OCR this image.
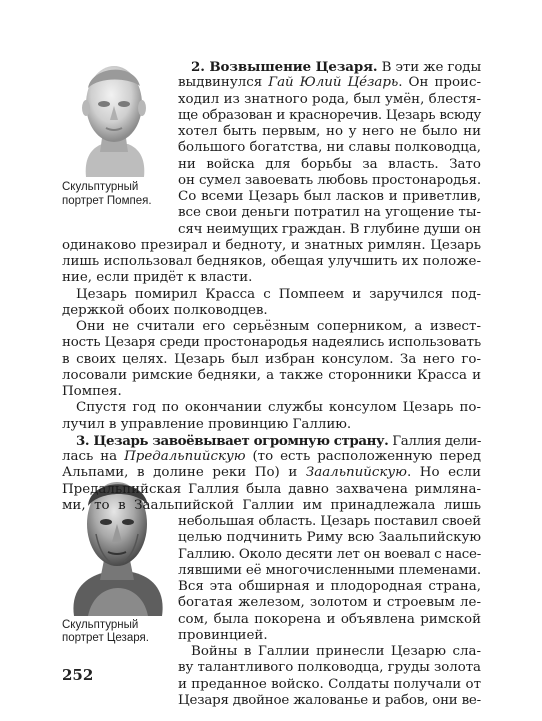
Скульптурный

портрет Помпея.

Скульптурный

портрет Цезаря.

2. Возвышение Цезаря. В эти же годы

выдвинулся Гай Юлий Це́зарь. Он проис-

ходил из знатного рода, был умён, блестя-

ще образован и красноречив. Цезарь всюду

хотел быть первым, но у него не было ни

большого богатства, ни славы полководца,

ни войска для борьбы за власть. Зато

он сумел завоевать любовь простонародья.

Со всеми Цезарь был ласков и приветлив,

все свои деньги потратил на угощение ты-

сяч неимущих граждан. В глубине души он

одинаково презирал и бедноту, и знатных римлян. Цезарь

лишь использовал бедняков, обещая улучшить их положе-

ние, если придёт к власти.

Цезарь помирил Красса с Помпеем и заручился под-

держкой обоих полководцев.

Они не считали его серьёзным соперником, а извест-

ность Цезаря среди простонародья надеялись использовать

в своих целях. Цезарь был избран консулом. За него го-

лосовали римские бедняки, а также сторонники Красса и

Помпея.

Спустя год по окончании службы консулом Цезарь по-

лучил в управление провинцию Галлию.

3. Цезарь завоёвывает огромную страну. Галлия дели-

лась на Предальпийскую (то есть расположенную перед

Альпами, в долине реки По) и Заальпийскую. Но если

Предальпийская Галлия была давно захвачена римляна-

ми, то в Заальпийской Галлии им принадлежала лишь

небольшая область. Цезарь поставил своей

целью подчинить Риму всю Заальпийскую

Галлию. Около десяти лет он воевал с насе-

лявшими её многочисленными племенами.

Вся эта обширная и плодородная страна,

богатая железом, золотом и строевым ле-

сом, была покорена и объявлена римской

провинцией.

Войны в Галлии принесли Цезарю сла-

ву талантливого полководца, груды золота

и преданное войско. Солдаты получали от

Цезаря двойное жалованье и рабов, они ве-

252
